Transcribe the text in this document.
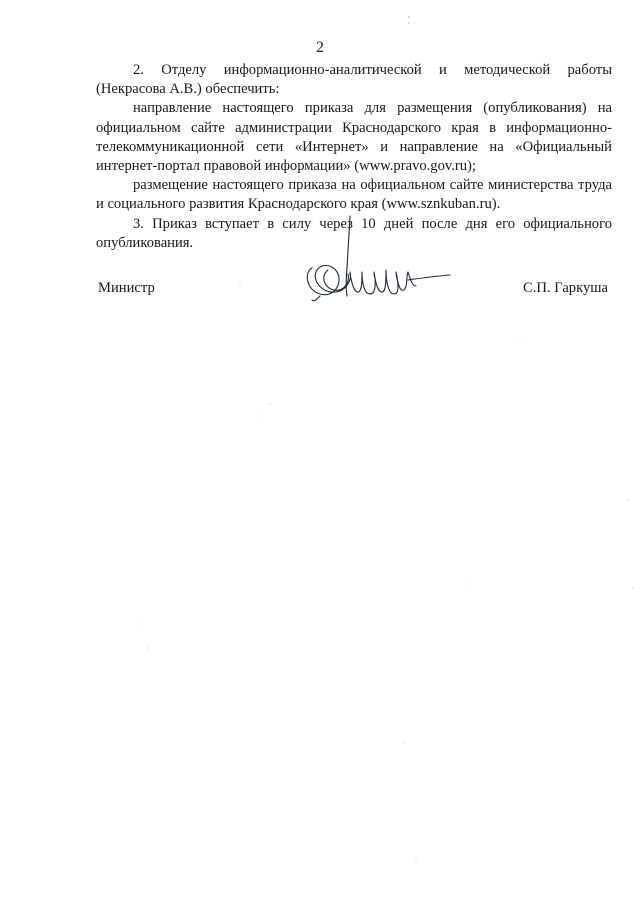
2

2. Отделу информационно-аналитической и методической работы (Некрасова А.В.) обеспечить:

направление настоящего приказа для размещения (опубликования) на официальном сайте администрации Краснодарского края в информационно-телекоммуникационной сети «Интернет» и направление на «Официальный интернет-портал правовой информации» (www.pravo.gov.ru);

размещение настоящего приказа на официальном сайте министерства труда и социального развития Краснодарского края (www.sznkuban.ru).

3. Приказ вступает в силу через 10 дней после дня его официального опубликования.

Министр	С.П. Гаркуша
